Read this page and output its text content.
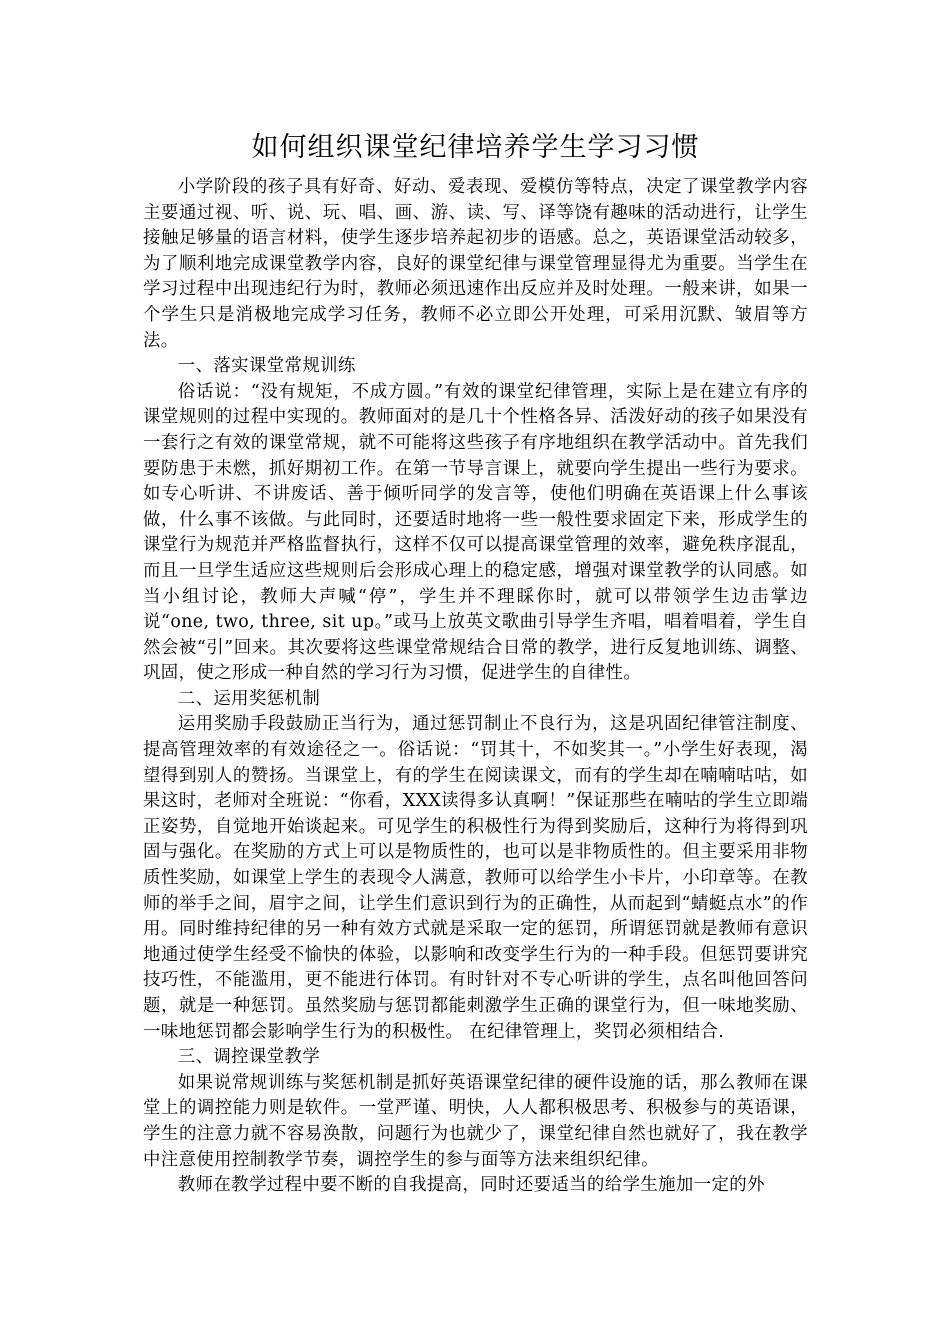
如何组织课堂纪律培养学生学习习惯

小学阶段的孩子具有好奇、好动、爱表现、爱模仿等特点，决定了课堂教学内容主要通过视、听、说、玩、唱、画、游、读、写、译等饶有趣味的活动进行，让学生接触足够量的语言材料，使学生逐步培养起初步的语感。总之，英语课堂活动较多，为了顺利地完成课堂教学内容，良好的课堂纪律与课堂管理显得尤为重要。当学生在学习过程中出现违纪行为时，教师必须迅速作出反应并及时处理。一般来讲，如果一个学生只是消极地完成学习任务，教师不必立即公开处理，可采用沉默、皱眉等方法。

一、落实课堂常规训练

俗话说：“没有规矩，不成方圆。”有效的课堂纪律管理，实际上是在建立有序的课堂规则的过程中实现的。教师面对的是几十个性格各异、活泼好动的孩子如果没有一套行之有效的课堂常规，就不可能将这些孩子有序地组织在教学活动中。首先我们要防患于未燃，抓好期初工作。在第一节导言课上，就要向学生提出一些行为要求。如专心听讲、不讲废话、善于倾听同学的发言等，使他们明确在英语课上什么事该做，什么事不该做。与此同时，还要适时地将一些一般性要求固定下来，形成学生的课堂行为规范并严格监督执行，这样不仅可以提高课堂管理的效率，避免秩序混乱，而且一旦学生适应这些规则后会形成心理上的稳定感，增强对课堂教学的认同感。如当小组讨论，教师大声喊“停”，学生并不理睬你时，就可以带领学生边击掌边说“one, two, three, sit up。”或马上放英文歌曲引导学生齐唱，唱着唱着，学生自然会被“引”回来。其次要将这些课堂常规结合日常的教学，进行反复地训练、调整、巩固，使之形成一种自然的学习行为习惯，促进学生的自律性。

二、运用奖惩机制

运用奖励手段鼓励正当行为，通过惩罚制止不良行为，这是巩固纪律管注制度、提高管理效率的有效途径之一。俗话说：“罚其十，不如奖其一。”小学生好表现，渴望得到别人的赞扬。当课堂上，有的学生在阅读课文，而有的学生却在喃喃咕咕，如果这时，老师对全班说：“你看，XXX读得多认真啊！”保证那些在喃咕的学生立即端正姿势，自觉地开始谈起来。可见学生的积极性行为得到奖励后，这种行为将得到巩固与强化。在奖励的方式上可以是物质性的，也可以是非物质性的。但主要采用非物质性奖励，如课堂上学生的表现令人满意，教师可以给学生小卡片，小印章等。在教师的举手之间，眉宇之间，让学生们意识到行为的正确性，从而起到“蜻蜓点水”的作用。同时维持纪律的另一种有效方式就是采取一定的惩罚，所谓惩罚就是教师有意识地通过使学生经受不愉快的体验，以影响和改变学生行为的一种手段。但惩罚要讲究技巧性，不能滥用，更不能进行体罚。有时针对不专心听讲的学生，点名叫他回答问题，就是一种惩罚。虽然奖励与惩罚都能刺激学生正确的课堂行为，但一味地奖励、一味地惩罚都会影响学生行为的积极性。 在纪律管理上，奖罚必须相结合.

三、调控课堂教学

如果说常规训练与奖惩机制是抓好英语课堂纪律的硬件设施的话，那么教师在课堂上的调控能力则是软件。一堂严谨、明快，人人都积极思考、积极参与的英语课，学生的注意力就不容易涣散，问题行为也就少了，课堂纪律自然也就好了，我在教学中注意使用控制教学节奏，调控学生的参与面等方法来组织纪律。

教师在教学过程中要不断的自我提高，同时还要适当的给学生施加一定的外
